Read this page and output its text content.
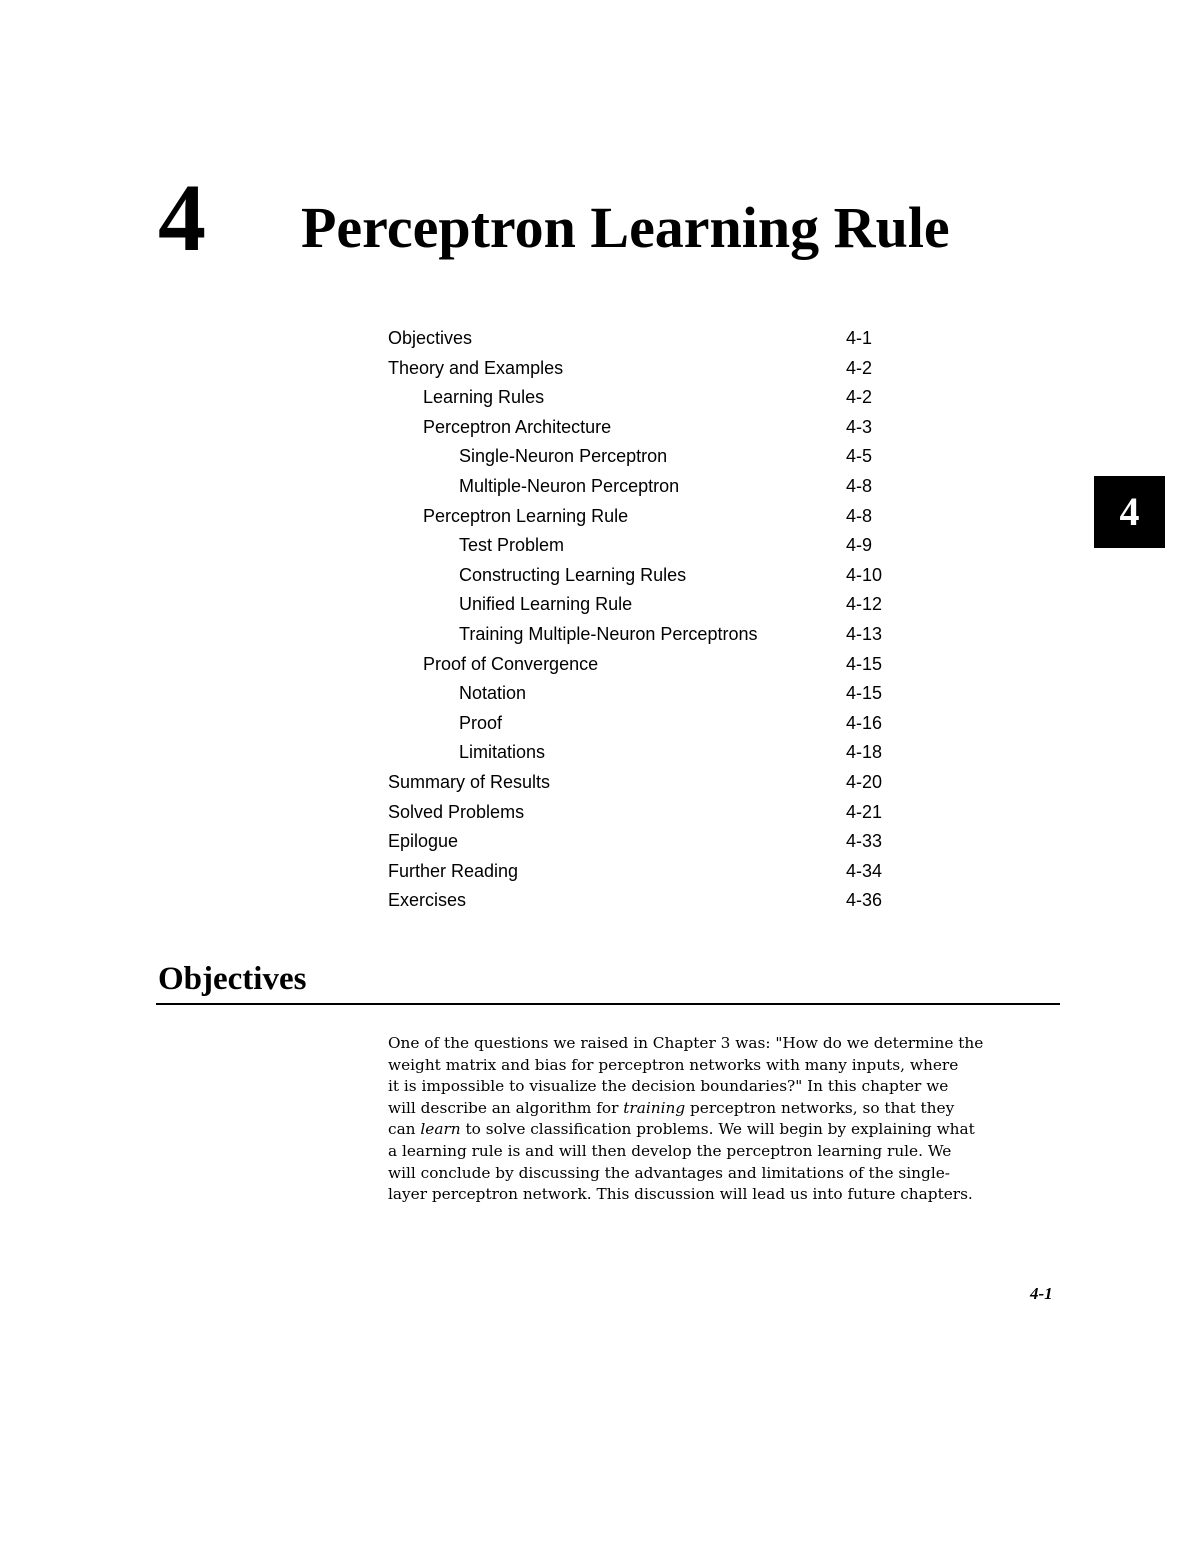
4 Perceptron Learning Rule
Objectives	4-1
Theory and Examples	4-2
Learning Rules	4-2
Perceptron Architecture	4-3
Single-Neuron Perceptron	4-5
Multiple-Neuron Perceptron	4-8
Perceptron Learning Rule	4-8
Test Problem	4-9
Constructing Learning Rules	4-10
Unified Learning Rule	4-12
Training Multiple-Neuron Perceptrons	4-13
Proof of Convergence	4-15
Notation	4-15
Proof	4-16
Limitations	4-18
Summary of Results	4-20
Solved Problems	4-21
Epilogue	4-33
Further Reading	4-34
Exercises	4-36
4
Objectives

One of the questions we raised in Chapter 3 was: "How do we determine the
weight matrix and bias for perceptron networks with many inputs, where
it is impossible to visualize the decision boundaries?" In this chapter we
will describe an algorithm for training perceptron networks, so that they
can learn to solve classification problems. We will begin by explaining what
a learning rule is and will then develop the perceptron learning rule. We
will conclude by discussing the advantages and limitations of the single-
layer perceptron network. This discussion will lead us into future chapters.

4-1
